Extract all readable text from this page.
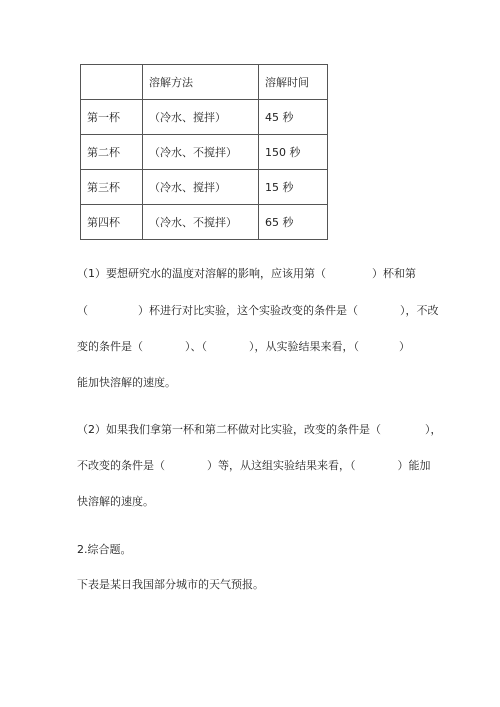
	溶解方法	溶解时间
第一杯	（冷水、搅拌）	45 秒
第二杯	（冷水、不搅拌）	150 秒
第三杯	（冷水、搅拌）	15 秒
第四杯	（冷水、不搅拌）	65 秒
（1）要想研究水的温度对溶解的影响，应该用第（	）杯和第
（	）杯进行对比实验，这个实验改变的条件是（	），不改
变的条件是（	）、（	），从实验结果来看，（	）
能加快溶解的速度。
（2）如果我们拿第一杯和第二杯做对比实验，改变的条件是（	），
不改变的条件是（	）等，从这组实验结果来看，（	）能加
快溶解的速度。
2.综合题。
下表是某日我国部分城市的天气预报。
